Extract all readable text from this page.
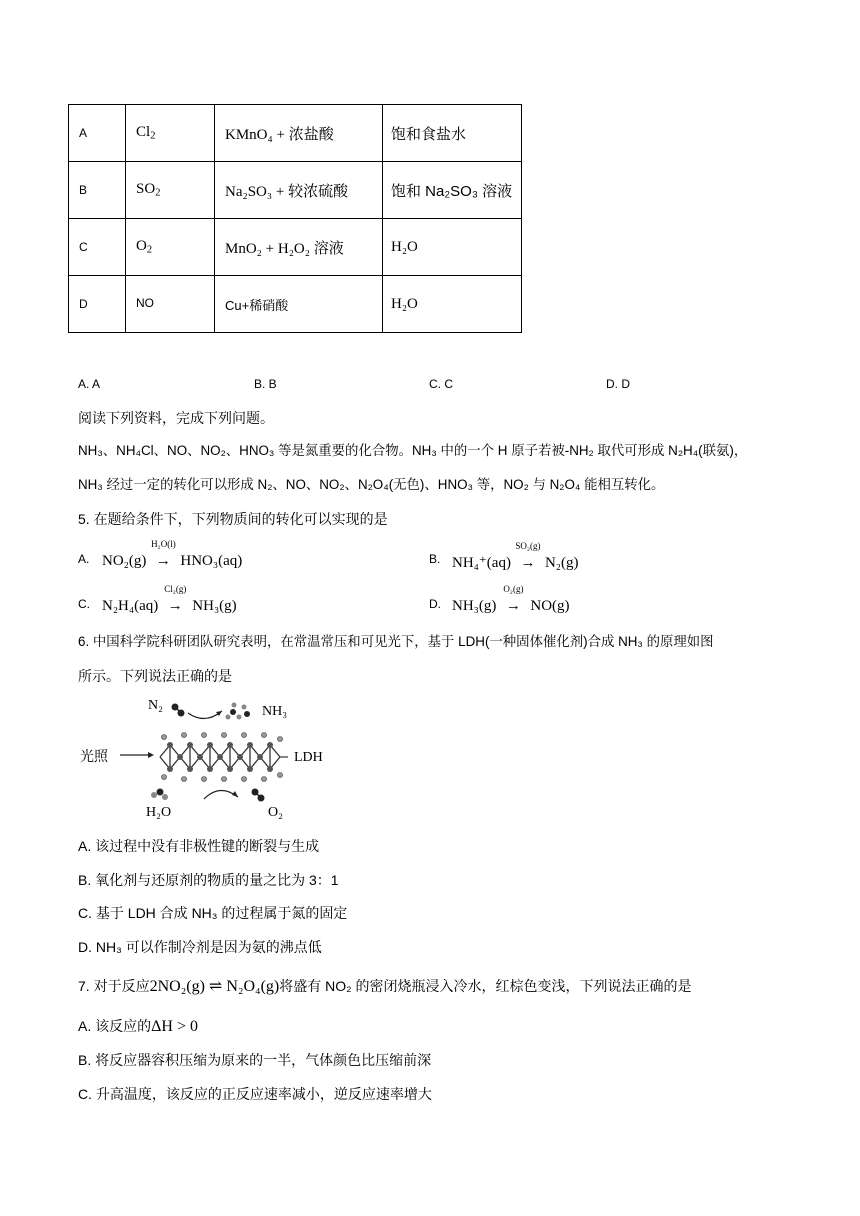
A	$Cl_2$	KMnO₄ + 浓盐酸	饱和食盐水
B	$SO_2$	Na₂SO₃ + 较浓硫酸	饱和 Na₂SO₃ 溶液
C	$O_2$	MnO₂ + H₂O₂ 溶液	H₂O
D	NO	Cu+稀硝酸	H₂O
A. A	B. B	C. C	D. D
阅读下列资料，完成下列问题。
NH₃、NH₄Cl、NO、NO₂、HNO₃ 等是氮重要的化合物。NH₃ 中的一个 H 原子若被-NH₂ 取代可形成 N₂H₄(联氨)，
NH₃ 经过一定的转化可以形成 N₂、NO、NO₂、N₂O₄(无色)、HNO₃ 等，NO₂ 与 N₂O₄ 能相互转化。
5. 在题给条件下，下列物质间的转化可以实现的是
A. NO₂(g)
H₂O(l)
→ HNO₃(aq)	B. NH₄⁺(aq)
SO₂(g)
→ N₂(g)
C. N₂H₄(aq)
Cl₂(g)
→ NH₃(g)	D. NH₃(g)
O₂(g)
→ NO(g)
6. 中国科学院科研团队研究表明，在常温常压和可见光下，基于 LDH(一种固体催化剂)合成 NH₃ 的原理如图
所示。下列说法正确的是
N₂	NH₃
光照	LDH
H₂O	O₂
A. 该过程中没有非极性键的断裂与生成
B. 氧化剂与还原剂的物质的量之比为 3：1
C. 基于 LDH 合成 NH₃ 的过程属于氮的固定
D. NH₃ 可以作制冷剂是因为氨的沸点低
7. 对于反应2NO₂(g) ⇌ N₂O₄(g)将盛有 NO₂ 的密闭烧瓶浸入冷水，红棕色变浅，下列说法正确的是
A. 该反应的ΔH > 0
B. 将反应器容积压缩为原来的一半，气体颜色比压缩前深
C. 升高温度，该反应的正反应速率减小，逆反应速率增大
